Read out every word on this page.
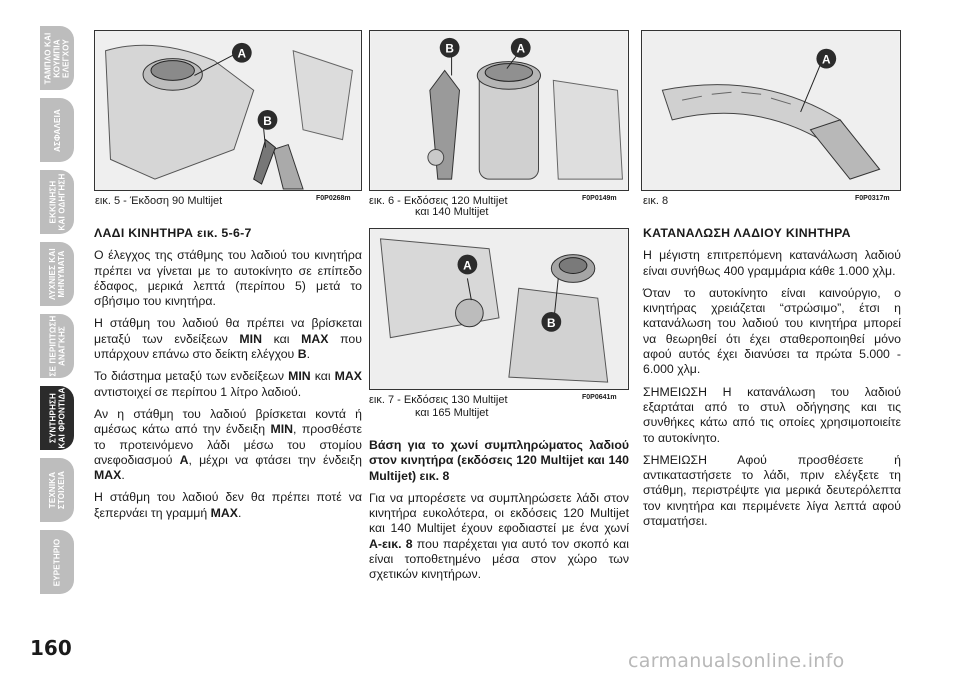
ΤΑΜΠΛΟ ΚΑΙ
ΚΟΥΜΠΙΑ
ΕΛΕΓΧΟΥ
ΑΣΦΑΛΕΙΑ
ΕΚΚΙΝΗΣΗ
ΚΑΙ ΟΔΗΓΗΣΗ
ΛΥΧΝΙΕΣ ΚΑΙ
ΜΗΝΥΜΑΤΑ
ΣΕ ΠΕΡΙΠΤΩΣΗ
ΑΝΑΓΚΗΣ
ΣΥΝΤΗΡΗΣΗ
ΚΑΙ ΦΡΟΝΤΙΔΑ
ΤΕΧΝΙΚΑ
ΣΤΟΙΧΕΙΑ
ΕΥΡΕΤΗΡΙΟ
160
A
B
εικ. 5 - Έκδοση 90 Multijet	F0P0268m
B	A
εικ. 6 - Εκδόσεις 120 Multijet
και 140 Multijet
F0P0149m
A
B
εικ. 7 - Εκδόσεις 130 Multijet
και 165 Multijet
F0P0641m
A
εικ. 8	F0P0317m
ΛΑΔΙ ΚΙΝΗΤΗΡΑ εικ. 5-6-7

Ο έλεγχος της στάθμης του λαδιού του κινητήρα πρέπει να γίνεται με το αυτοκίνητο σε επίπεδο έδαφος, μερικά λεπτά (περίπου 5) μετά το σβήσιμο του κινητήρα.

Η στάθμη του λαδιού θα πρέπει να βρίσκεται μεταξύ των ενδείξεων MIN και MAX που υπάρχουν επάνω στο δείκτη ελέγχου B.

Το διάστημα μεταξύ των ενδείξεων MIN και MAX αντιστοιχεί σε περίπου 1 λίτρο λαδιού.

Αν η στάθμη του λαδιού βρίσκεται κοντά ή αμέσως κάτω από την ένδειξη MIN, προσθέστε το προτεινόμενο λάδι μέσω του στομίου ανεφοδιασμού A, μέχρι να φτάσει την ένδειξη MAX.

Η στάθμη του λαδιού δεν θα πρέπει ποτέ να ξεπερνάει τη γραμμή MAX.

Βάση για το χωνί συμπληρώματος λαδιού στον κινητήρα (εκδόσεις 120 Multijet και 140 Multijet) εικ. 8

Για να μπορέσετε να συμπληρώσετε λάδι στον κινητήρα ευκολότερα, οι εκδόσεις 120 Multijet και 140 Multijet έχουν εφοδιαστεί με ένα χωνί A-εικ. 8 που παρέχεται για αυτό τον σκοπό και είναι τοποθετημένο μέσα στον χώρο των σχετικών κινητήρων.

ΚΑΤΑΝΑΛΩΣΗ ΛΑΔΙΟΥ ΚΙΝΗΤΗΡΑ

Η μέγιστη επιτρεπόμενη κατανάλωση λαδιού είναι συνήθως 400 γραμμάρια κάθε 1.000 χλμ.

Όταν το αυτοκίνητο είναι καινούργιο, ο κινητήρας χρειάζεται “στρώσιμο”, έτσι η κατανάλωση του λαδιού του κινητήρα μπορεί να θεωρηθεί ότι έχει σταθεροποιηθεί μόνο αφού αυτός έχει διανύσει τα πρώτα 5.000 - 6.000 χλμ.

ΣΗΜΕΙΩΣΗ Η κατανάλωση του λαδιού εξαρτάται από το στυλ οδήγησης και τις συνθήκες κάτω από τις οποίες χρησιμοποιείτε το αυτοκίνητο.

ΣΗΜΕΙΩΣΗ Αφού προσθέσετε ή αντικαταστήσετε το λάδι, πριν ελέγξετε τη στάθμη, περιστρέψτε για μερικά δευτερόλεπτα τον κινητήρα και περιμένετε λίγα λεπτά αφού σταματήσει.

carmanualsonline.info
